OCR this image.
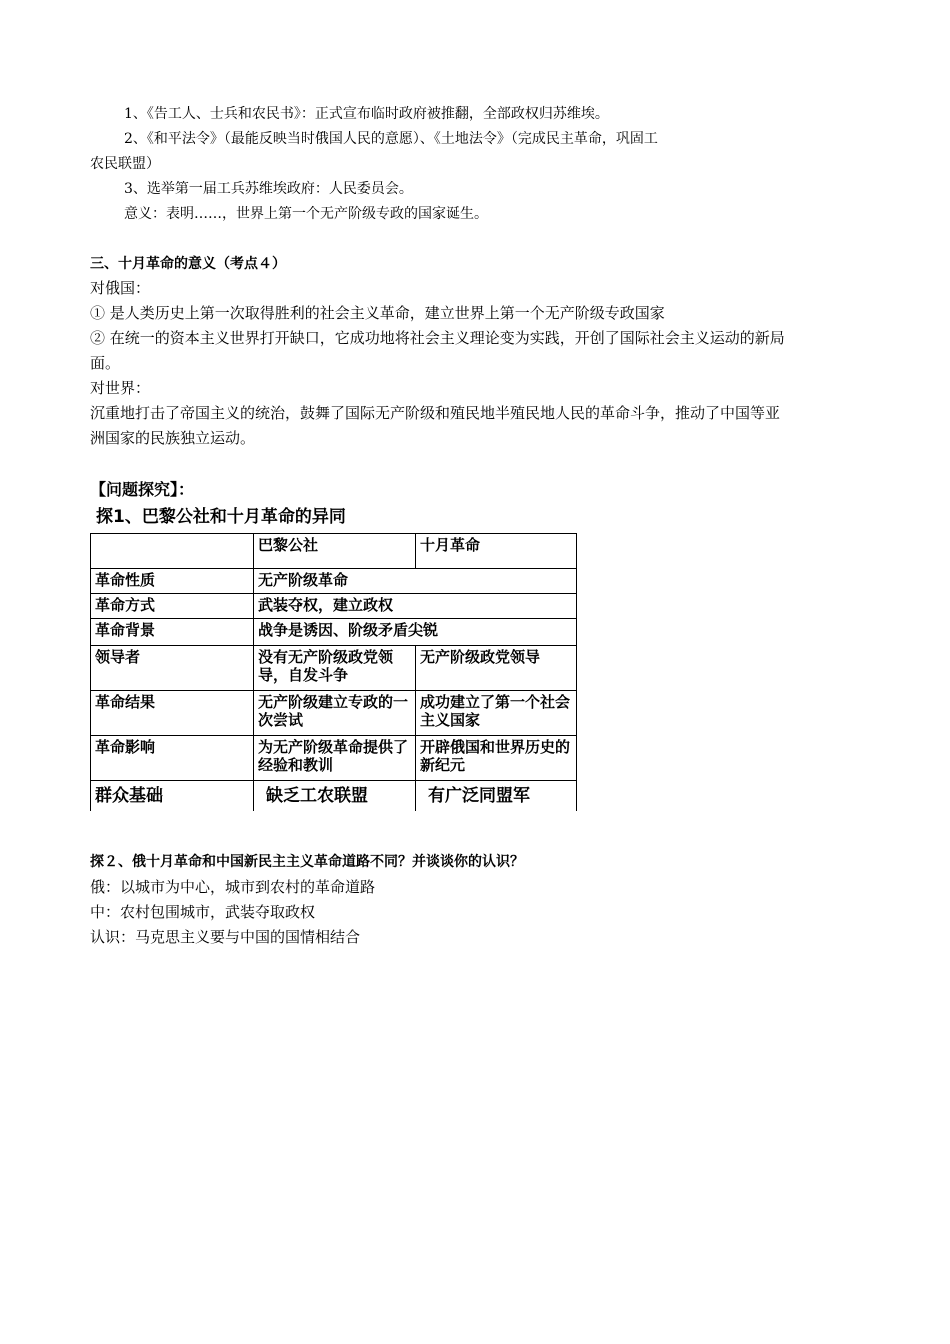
1、《告工人、士兵和农民书》：正式宣布临时政府被推翻，全部政权归苏维埃。
2、《和平法令》（最能反映当时俄国人民的意愿）、《土地法令》（完成民主革命，巩固工
农民联盟）
3、选举第一届工兵苏维埃政府：人民委员会。
意义：表明……，世界上第一个无产阶级专政的国家诞生。
三、十月革命的意义（考点４）
对俄国：
① 是人类历史上第一次取得胜利的社会主义革命，建立世界上第一个无产阶级专政国家
② 在统一的资本主义世界打开缺口，它成功地将社会主义理论变为实践，开创了国际社会主义运动的新局
面。
对世界：
沉重地打击了帝国主义的统治，鼓舞了国际无产阶级和殖民地半殖民地人民的革命斗争，推动了中国等亚
洲国家的民族独立运动。
【问题探究】：
探1、巴黎公社和十月革命的异同
	巴黎公社	十月革命
革命性质	无产阶级革命	
革命方式	武装夺权，建立政权	
革命背景	战争是诱因、阶级矛盾尖锐	
领导者	没有无产阶级政党领导，自发斗争	无产阶级政党领导
革命结果	无产阶级建立专政的一次尝试	成功建立了第一个社会主义国家
革命影响	为无产阶级革命提供了经验和教训	开辟俄国和世界历史的新纪元
群众基础	缺乏工农联盟	有广泛同盟军
探２、俄十月革命和中国新民主主义革命道路不同？并谈谈你的认识？
俄：以城市为中心，城市到农村的革命道路
中：农村包围城市，武装夺取政权
认识：马克思主义要与中国的国情相结合
